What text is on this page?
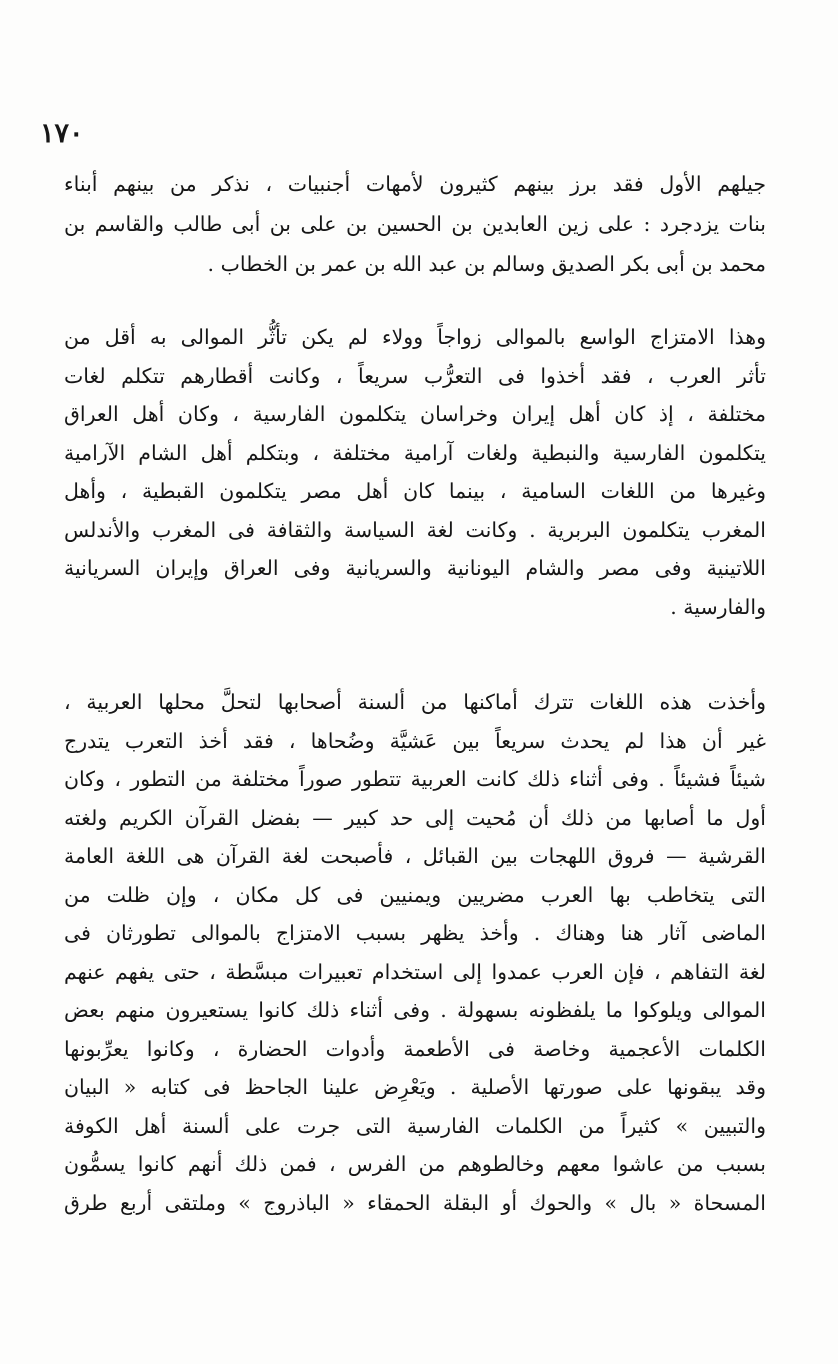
١٧٠
جيلهم الأول فقد برز بينهم كثيرون لأمهات أجنبيات ، نذكر من بينهم أبناء
بنات يزدجرد : على زين العابدين بن الحسين بن على بن أبى طالب والقاسم بن
محمد بن أبى بكر الصديق وسالم بن عبد الله بن عمر بن الخطاب .
وهذا الامتزاج الواسع بالموالى زواجاً وولاء لم يكن تأثُّر الموالى به أقل من
تأثر العرب ، فقد أخذوا فى التعرُّب سريعاً ، وكانت أقطارهم تتكلم لغات
مختلفة ، إذ كان أهل إيران وخراسان يتكلمون الفارسية ، وكان أهل العراق
يتكلمون الفارسية والنبطية ولغات آرامية مختلفة ، وبتكلم أهل الشام الآرامية
وغيرها من اللغات السامية ، بينما كان أهل مصر يتكلمون القبطية ، وأهل
المغرب يتكلمون البربرية . وكانت لغة السياسة والثقافة فى المغرب والأندلس
اللاتينية وفى مصر والشام اليونانية والسريانية وفى العراق وإيران السريانية
والفارسية .
وأخذت هذه اللغات تترك أماكنها من ألسنة أصحابها لتحلَّ محلها العربية ،
غير أن هذا لم يحدث سريعاً بين عَشيَّة وضُحاها ، فقد أخذ التعرب يتدرج
شيئاً فشيئاً . وفى أثناء ذلك كانت العربية تتطور صوراً مختلفة من التطور ، وكان
أول ما أصابها من ذلك أن مُحيت إلى حد كبير — بفضل القرآن الكريم ولغته
القرشية — فروق اللهجات بين القبائل ، فأصبحت لغة القرآن هى اللغة العامة
التى يتخاطب بها العرب مضريين ويمنيين فى كل مكان ، وإن ظلت من
الماضى آثار هنا وهناك . وأخذ يظهر بسبب الامتزاج بالموالى تطورثان فى
لغة التفاهم ، فإن العرب عمدوا إلى استخدام تعبيرات مبسَّطة ، حتى يفهم عنهم
الموالى ويلوكوا ما يلفظونه بسهولة . وفى أثناء ذلك كانوا يستعيرون منهم بعض
الكلمات الأعجمية وخاصة فى الأطعمة وأدوات الحضارة ، وكانوا يعرِّبونها
وقد يبقونها على صورتها الأصلية . ويَعْرِض علينا الجاحظ فى كتابه « البيان
والتبيين » كثيراً من الكلمات الفارسية التى جرت على ألسنة أهل الكوفة
بسبب من عاشوا معهم وخالطوهم من الفرس ، فمن ذلك أنهم كانوا يسمُّون
المسحاة « بال » والحوك أو البقلة الحمقاء « الباذروج » وملتقى أربع طرق
